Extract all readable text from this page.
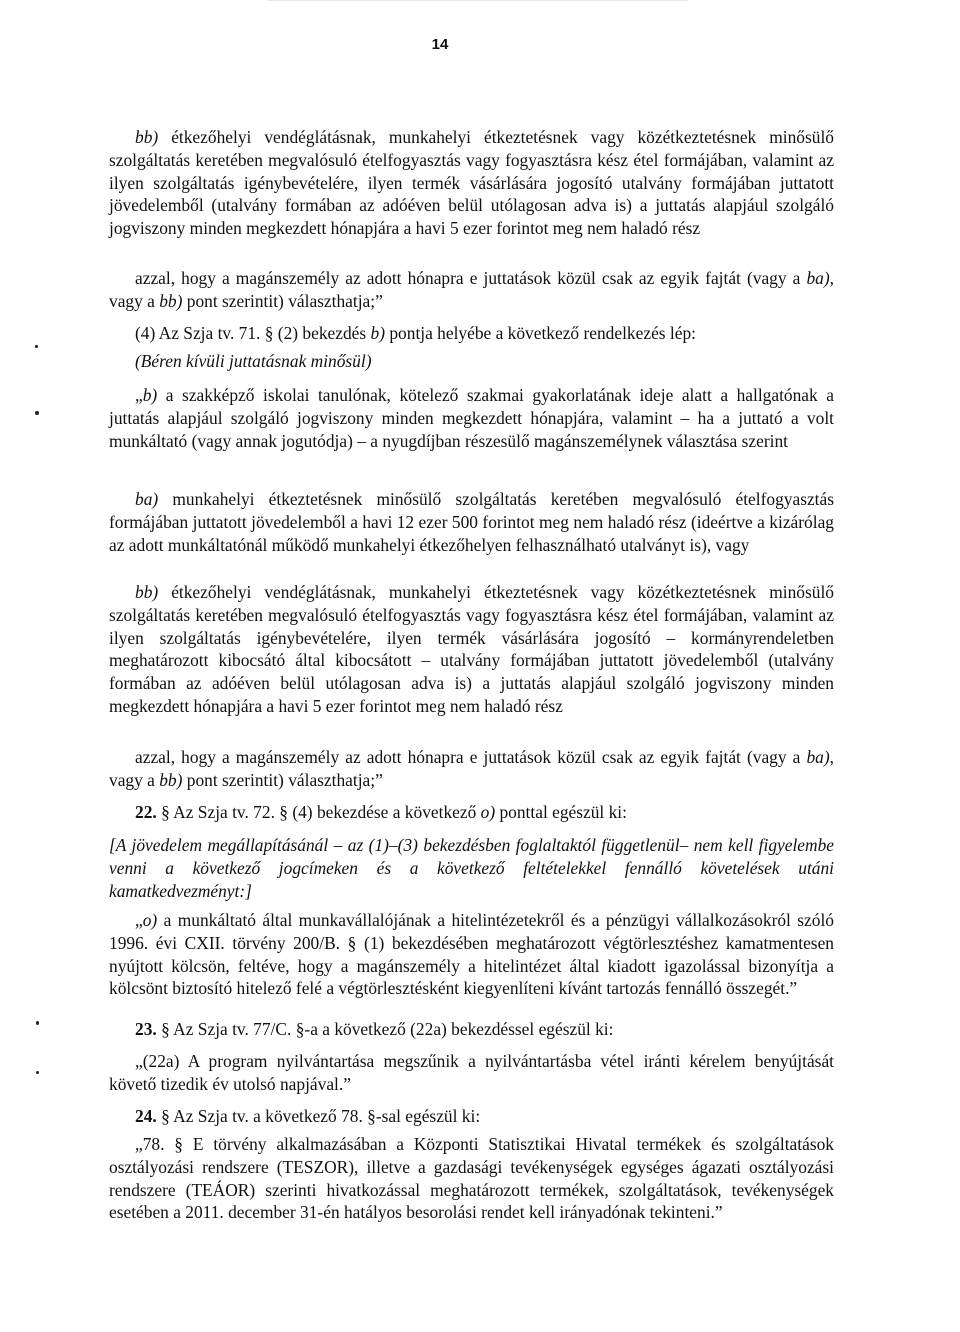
14

bb) étkezőhelyi vendéglátásnak, munkahelyi étkeztetésnek vagy közétkeztetésnek minősülő szolgáltatás keretében megvalósuló ételfogyasztás vagy fogyasztásra kész étel formájában, valamint az ilyen szolgáltatás igénybevételére, ilyen termék vásárlására jogosító utalvány formájában juttatott jövedelemből (utalvány formában az adóéven belül utólagosan adva is) a juttatás alapjául szolgáló jogviszony minden megkezdett hónapjára a havi 5 ezer forintot meg nem haladó rész

azzal, hogy a magánszemély az adott hónapra e juttatások közül csak az egyik fajtát (vagy a ba), vagy a bb) pont szerintit) választhatja;”

(4) Az Szja tv. 71. § (2) bekezdés b) pontja helyébe a következő rendelkezés lép:

(Béren kívüli juttatásnak minősül)

„b) a szakképző iskolai tanulónak, kötelező szakmai gyakorlatának ideje alatt a hallgatónak a juttatás alapjául szolgáló jogviszony minden megkezdett hónapjára, valamint – ha a juttató a volt munkáltató (vagy annak jogutódja) – a nyugdíjban részesülő magánszemélynek választása szerint

ba) munkahelyi étkeztetésnek minősülő szolgáltatás keretében megvalósuló ételfogyasztás formájában juttatott jövedelemből a havi 12 ezer 500 forintot meg nem haladó rész (ideértve a kizárólag az adott munkáltatónál működő munkahelyi étkezőhelyen felhasználható utalványt is), vagy

bb) étkezőhelyi vendéglátásnak, munkahelyi étkeztetésnek vagy közétkeztetésnek minősülő szolgáltatás keretében megvalósuló ételfogyasztás vagy fogyasztásra kész étel formájában, valamint az ilyen szolgáltatás igénybevételére, ilyen termék vásárlására jogosító – kormányrendeletben meghatározott kibocsátó által kibocsátott – utalvány formájában juttatott jövedelemből (utalvány formában az adóéven belül utólagosan adva is) a juttatás alapjául szolgáló jogviszony minden megkezdett hónapjára a havi 5 ezer forintot meg nem haladó rész

azzal, hogy a magánszemély az adott hónapra e juttatások közül csak az egyik fajtát (vagy a ba), vagy a bb) pont szerintit) választhatja;”

22. § Az Szja tv. 72. § (4) bekezdése a következő o) ponttal egészül ki:

[A jövedelem megállapításánál – az (1)–(3) bekezdésben foglaltaktól függetlenül– nem kell figyelembe venni a következő jogcímeken és a következő feltételekkel fennálló követelések utáni kamatkedvezményt:]

„o) a munkáltató által munkavállalójának a hitelintézetekről és a pénzügyi vállalkozásokról szóló 1996. évi CXII. törvény 200/B. § (1) bekezdésében meghatározott végtörlesztéshez kamatmentesen nyújtott kölcsön, feltéve, hogy a magánszemély a hitelintézet által kiadott igazolással bizonyítja a kölcsönt biztosító hitelező felé a végtörlesztésként kiegyenlíteni kívánt tartozás fennálló összegét.”

23. § Az Szja tv. 77/C. §-a a következő (22a) bekezdéssel egészül ki:

„(22a) A program nyilvántartása megszűnik a nyilvántartásba vétel iránti kérelem benyújtását követő tizedik év utolsó napjával.”

24. § Az Szja tv. a következő 78. §-sal egészül ki:

„78. § E törvény alkalmazásában a Központi Statisztikai Hivatal termékek és szolgáltatások osztályozási rendszere (TESZOR), illetve a gazdasági tevékenységek egységes ágazati osztályozási rendszere (TEÁOR) szerinti hivatkozással meghatározott termékek, szolgáltatások, tevékenységek esetében a 2011. december 31-én hatályos besorolási rendet kell irányadónak tekinteni.”
